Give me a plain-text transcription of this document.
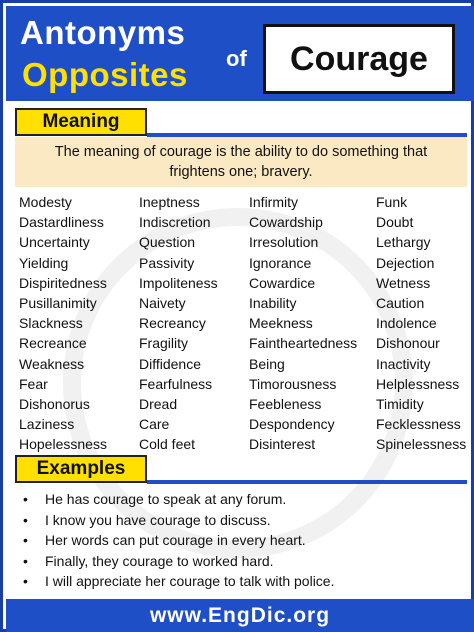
Antonyms
Opposites of	Courage
Meaning
The meaning of courage is the ability to do something that frightens one; bravery.
Modesty
Dastardliness
Uncertainty
Yielding
Dispiritedness
Pusillanimity
Slackness
Recreance
Weakness
Fear
Dishonorus
Laziness
Hopelessness
Ineptness
Indiscretion
Question
Passivity
Impoliteness
Naivety
Recreancy
Fragility
Diffidence
Fearfulness
Dread
Care
Cold feet
Infirmity
Cowardship
Irresolution
Ignorance
Cowardice
Inability
Meekness
Faintheartedness
Being
Timorousness
Feebleness
Despondency
Disinterest
Funk
Doubt
Lethargy
Dejection
Wetness
Caution
Indolence
Dishonour
Inactivity
Helplessness
Timidity
Fecklessness
Spinelessness
Examples
•	He has courage to speak at any forum.
•	I know you have courage to discuss.
•	Her words can put courage in every heart.
•	Finally, they courage to worked hard.
•	I will appreciate her courage to talk with police.
www.EngDic.org
